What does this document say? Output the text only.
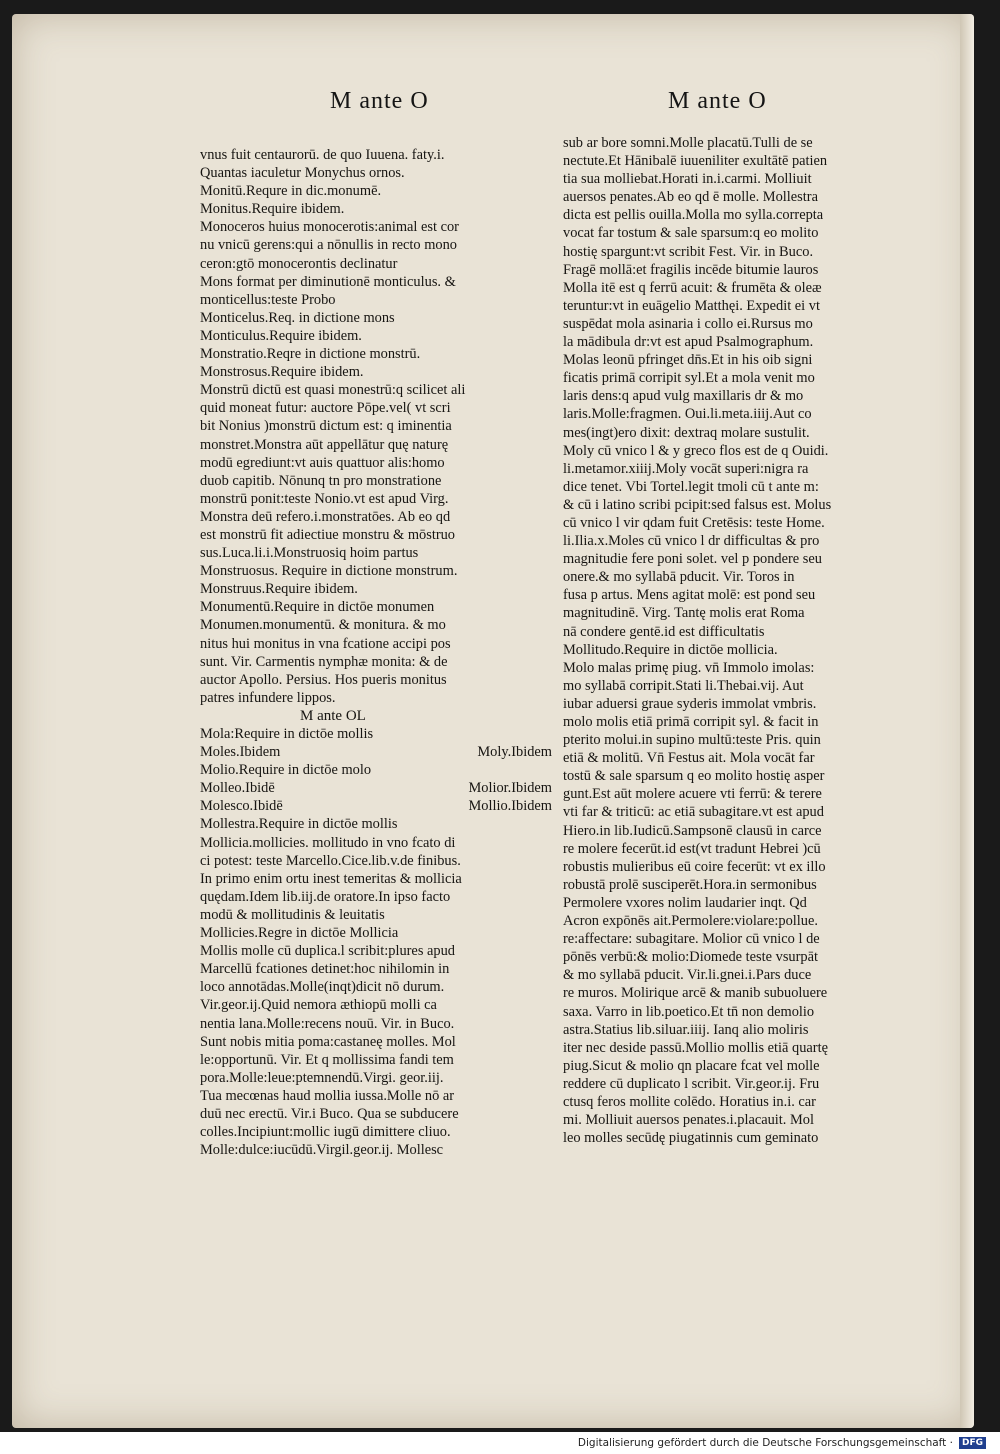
M ante O	M ante O
vnus fuit centaurorū. de quo Iuuena. faty.i.
Quantas iaculetur Monychus ornos.
Monitū.Requre in dic.monumē.
Monitus.Require ibidem.
Monoceros huius monocerotis:animal est cor
nu vnicū gerens:qui a nōnullis in recto mono
ceron:gtō monocerontis declinatur
Mons format per diminutionē monticulus. &
monticellus:teste Probo
Monticelus.Req. in dictione mons
Monticulus.Require ibidem.
Monstratio.Reqre in dictione monstrū.
Monstrosus.Require ibidem.
Monstrū dictū est quasi monestrū:q scilicet ali
quid moneat futur: auctore Pōpe.vel( vt scri
bit Nonius )monstrū dictum est: q iminentia
monstret.Monstra aūt appellātur quę naturę
modū egrediunt:vt auis quattuor alis:homo
duob capitib. Nōnunq tn pro monstratione
monstrū ponit:teste Nonio.vt est apud Virg.
Monstra deū refero.i.monstratōes. Ab eo qd
est monstrū fit adiectiue monstru & mōstruo
sus.Luca.li.i.Monstruosiq hoim partus
Monstruosus. Require in dictione monstrum.
Monstruus.Require ibidem.
Monumentū.Require in dictōe monumen
Monumen.monumentū. & monitura. & mo
nitus hui monitus in vna fcatione accipi pos
sunt. Vir. Carmentis nymphæ monita: & de
auctor Apollo. Persius. Hos pueris monitus
patres infundere lippos.
M ante OL
Mola:Require in dictōe mollis
Moles.Ibidem	Moly.Ibidem
Molio.Require in dictōe molo
Molleo.Ibidē	Molior.Ibidem
Molesco.Ibidē	Mollio.Ibidem
Mollestra.Require in dictōe mollis
Mollicia.mollicies. mollitudo in vno fcato di
ci potest: teste Marcello.Cice.lib.v.de finibus.
In primo enim ortu inest temeritas & mollicia
quędam.Idem lib.iij.de oratore.In ipso facto
modū & mollitudinis & leuitatis
Mollicies.Regre in dictōe Mollicia
Mollis molle cū duplica.l scribit:plures apud
Marcellū fcationes detinet:hoc nihilomin in
loco annotādas.Molle(inqt)dicit nō durum.
Vir.geor.ij.Quid nemora æthiopū molli ca
nentia lana.Molle:recens nouū. Vir. in Buco.
Sunt nobis mitia poma:castaneę molles. Mol
le:opportunū. Vir. Et q mollissima fandi tem
pora.Molle:leue:ptemnendū.Virgi. geor.iij.
Tua mecœnas haud mollia iussa.Molle nō ar
duū nec erectū. Vir.i Buco. Qua se subducere
colles.Incipiunt:mollic iugū dimittere cliuo.
Molle:dulce:iucūdū.Virgil.geor.ij. Mollesc
sub ar bore somni.Molle placatū.Tulli de se
nectute.Et Hānibalē iuueniliter exultātē patien
tia sua molliebat.Horati in.i.carmi. Molliuit
auersos penates.Ab eo qd ē molle. Mollestra
dicta est pellis ouilla.Molla mo sylla.correpta
vocat far tostum & sale sparsum:q eo molito
hostię spargunt:vt scribit Fest. Vir. in Buco.
Fragē mollā:et fragilis incēde bitumie lauros
Molla itē est q ferrū acuit: & frumēta & oleæ
teruntur:vt in euāgelio Matthęi. Expedit ei vt
suspēdat mola asinaria i collo ei.Rursus mo
la mādibula dr:vt est apud Psalmographum.
Molas leonū pfringet dn̄s.Et in his oib signi
ficatis primā corripit syl.Et a mola venit mo
laris dens:q apud vulg maxillaris dr & mo
laris.Molle:fragmen. Oui.li.meta.iiij.Aut co
mes(ingt)ero dixit: dextraq molare sustulit.
Moly cū vnico l & y greco flos est de q Ouidi.
li.metamor.xiiij.Moly vocāt superi:nigra ra
dice tenet. Vbi Tortel.legit tmoli cū t ante m:
& cū i latino scribi pcipit:sed falsus est. Molus
cū vnico l vir qdam fuit Cretēsis: teste Home.
li.Ilia.x.Moles cū vnico l dr difficultas & pro
magnitudie fere poni solet. vel p pondere seu
onere.& mo syllabā pducit. Vir. Toros in
fusa p artus. Mens agitat molē: est pond seu
magnitudinē. Virg. Tantę molis erat Roma
nā condere gentē.id est difficultatis
Mollitudo.Require in dictōe mollicia.
Molo malas primę piug. vn̄ Immolo imolas:
mo syllabā corripit.Stati li.Thebai.vij. Aut
iubar aduersi graue syderis immolat vmbris.
molo molis etiā primā corripit syl. & facit in
pterito molui.in supino multū:teste Pris. quin
etiā & molitū. Vn̄ Festus ait. Mola vocāt far
tostū & sale sparsum q eo molito hostię asper
gunt.Est aūt molere acuere vti ferrū: & terere
vti far & triticū: ac etiā subagitare.vt est apud
Hiero.in lib.Iudicū.Sampsonē clausū in carce
re molere fecerūt.id est(vt tradunt Hebrei )cū
robustis mulieribus eū coire fecerūt: vt ex illo
robustā prolē susciperēt.Hora.in sermonibus
Permolere vxores nolim laudarier inqt. Qd
Acron expōnēs ait.Permolere:violare:pollue.
re:affectare: subagitare. Molior cū vnico l de
pōnēs verbū:& molio:Diomede teste vsurpāt
& mo syllabā pducit. Vir.li.gnei.i.Pars duce
re muros. Molirique arcē & manib subuoluere
saxa. Varro in lib.poetico.Et tn̄ non demolio
astra.Statius lib.siluar.iiij. Ianq alio moliris
iter nec deside passū.Mollio mollis etiā quartę
piug.Sicut & molio qn placare fcat vel molle
reddere cū duplicato l scribit. Vir.geor.ij. Fru
ctusq feros mollite colēdo. Horatius in.i. car
mi. Molliuit auersos penates.i.placauit. Mol
leo molles secūdę piugatinnis cum geminato
Digitalisierung gefördert durch die Deutsche Forschungsgemeinschaft ·	DFG
